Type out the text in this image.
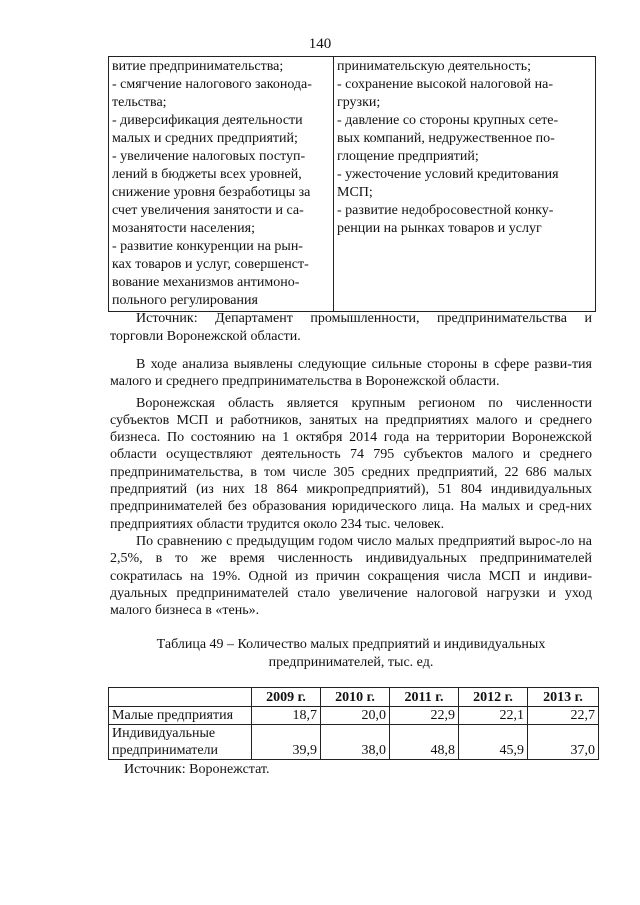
140
витие предпринимательства;
- смягчение налогового законода-
тельства;
- диверсификация деятельности
малых и средних предприятий;
- увеличение налоговых поступ-
лений в бюджеты всех уровней,
снижение уровня безработицы за
счет увеличения занятости и са-
мозанятости населения;
- развитие конкуренции на рын-
ках товаров и услуг, совершенст-
вование механизмов антимоно-
польного регулирования

принимательскую деятельность;
- сохранение высокой налоговой на-
грузки;
- давление со стороны крупных сете-
вых компаний, недружественное по-
глощение предприятий;
- ужесточение условий кредитования
МСП;
- развитие недобросовестной конку-
ренции на рынках товаров и услуг
Источник: Департамент промышленности, предпринимательства и торговли Воронежской области.

В ходе анализа выявлены следующие сильные стороны в сфере разви-тия малого и среднего предпринимательства в Воронежской области.

Воронежская область является крупным регионом по численности субъектов МСП и работников, занятых на предприятиях малого и среднего бизнеса. По состоянию на 1 октября 2014 года на территории Воронежской области осуществляют деятельность 74 795 субъектов малого и среднего предпринимательства, в том числе 305 средних предприятий, 22 686 малых предприятий (из них 18 864 микропредприятий), 51 804 индивидуальных предпринимателей без образования юридического лица. На малых и сред-них предприятиях области трудится около 234 тыс. человек.

По сравнению с предыдущим годом число малых предприятий вырос-ло на 2,5%, в то же время численность индивидуальных предпринимателей сократилась на 19%. Одной из причин сокращения числа МСП и индиви-дуальных предпринимателей стало увеличение налоговой нагрузки и уход малого бизнеса в «тень».

Таблица 49 – Количество малых предприятий и индивидуальных
предпринимателей, тыс. ед.
	2009 г.	2010 г.	2011 г.	2012 г.	2013 г.

Малые предприятия	18,7	20,0	22,9	22,1	22,7

Индивидуальные
предприниматели	39,9	38,0	48,8	45,9	37,0
Источник: Воронежстат.
